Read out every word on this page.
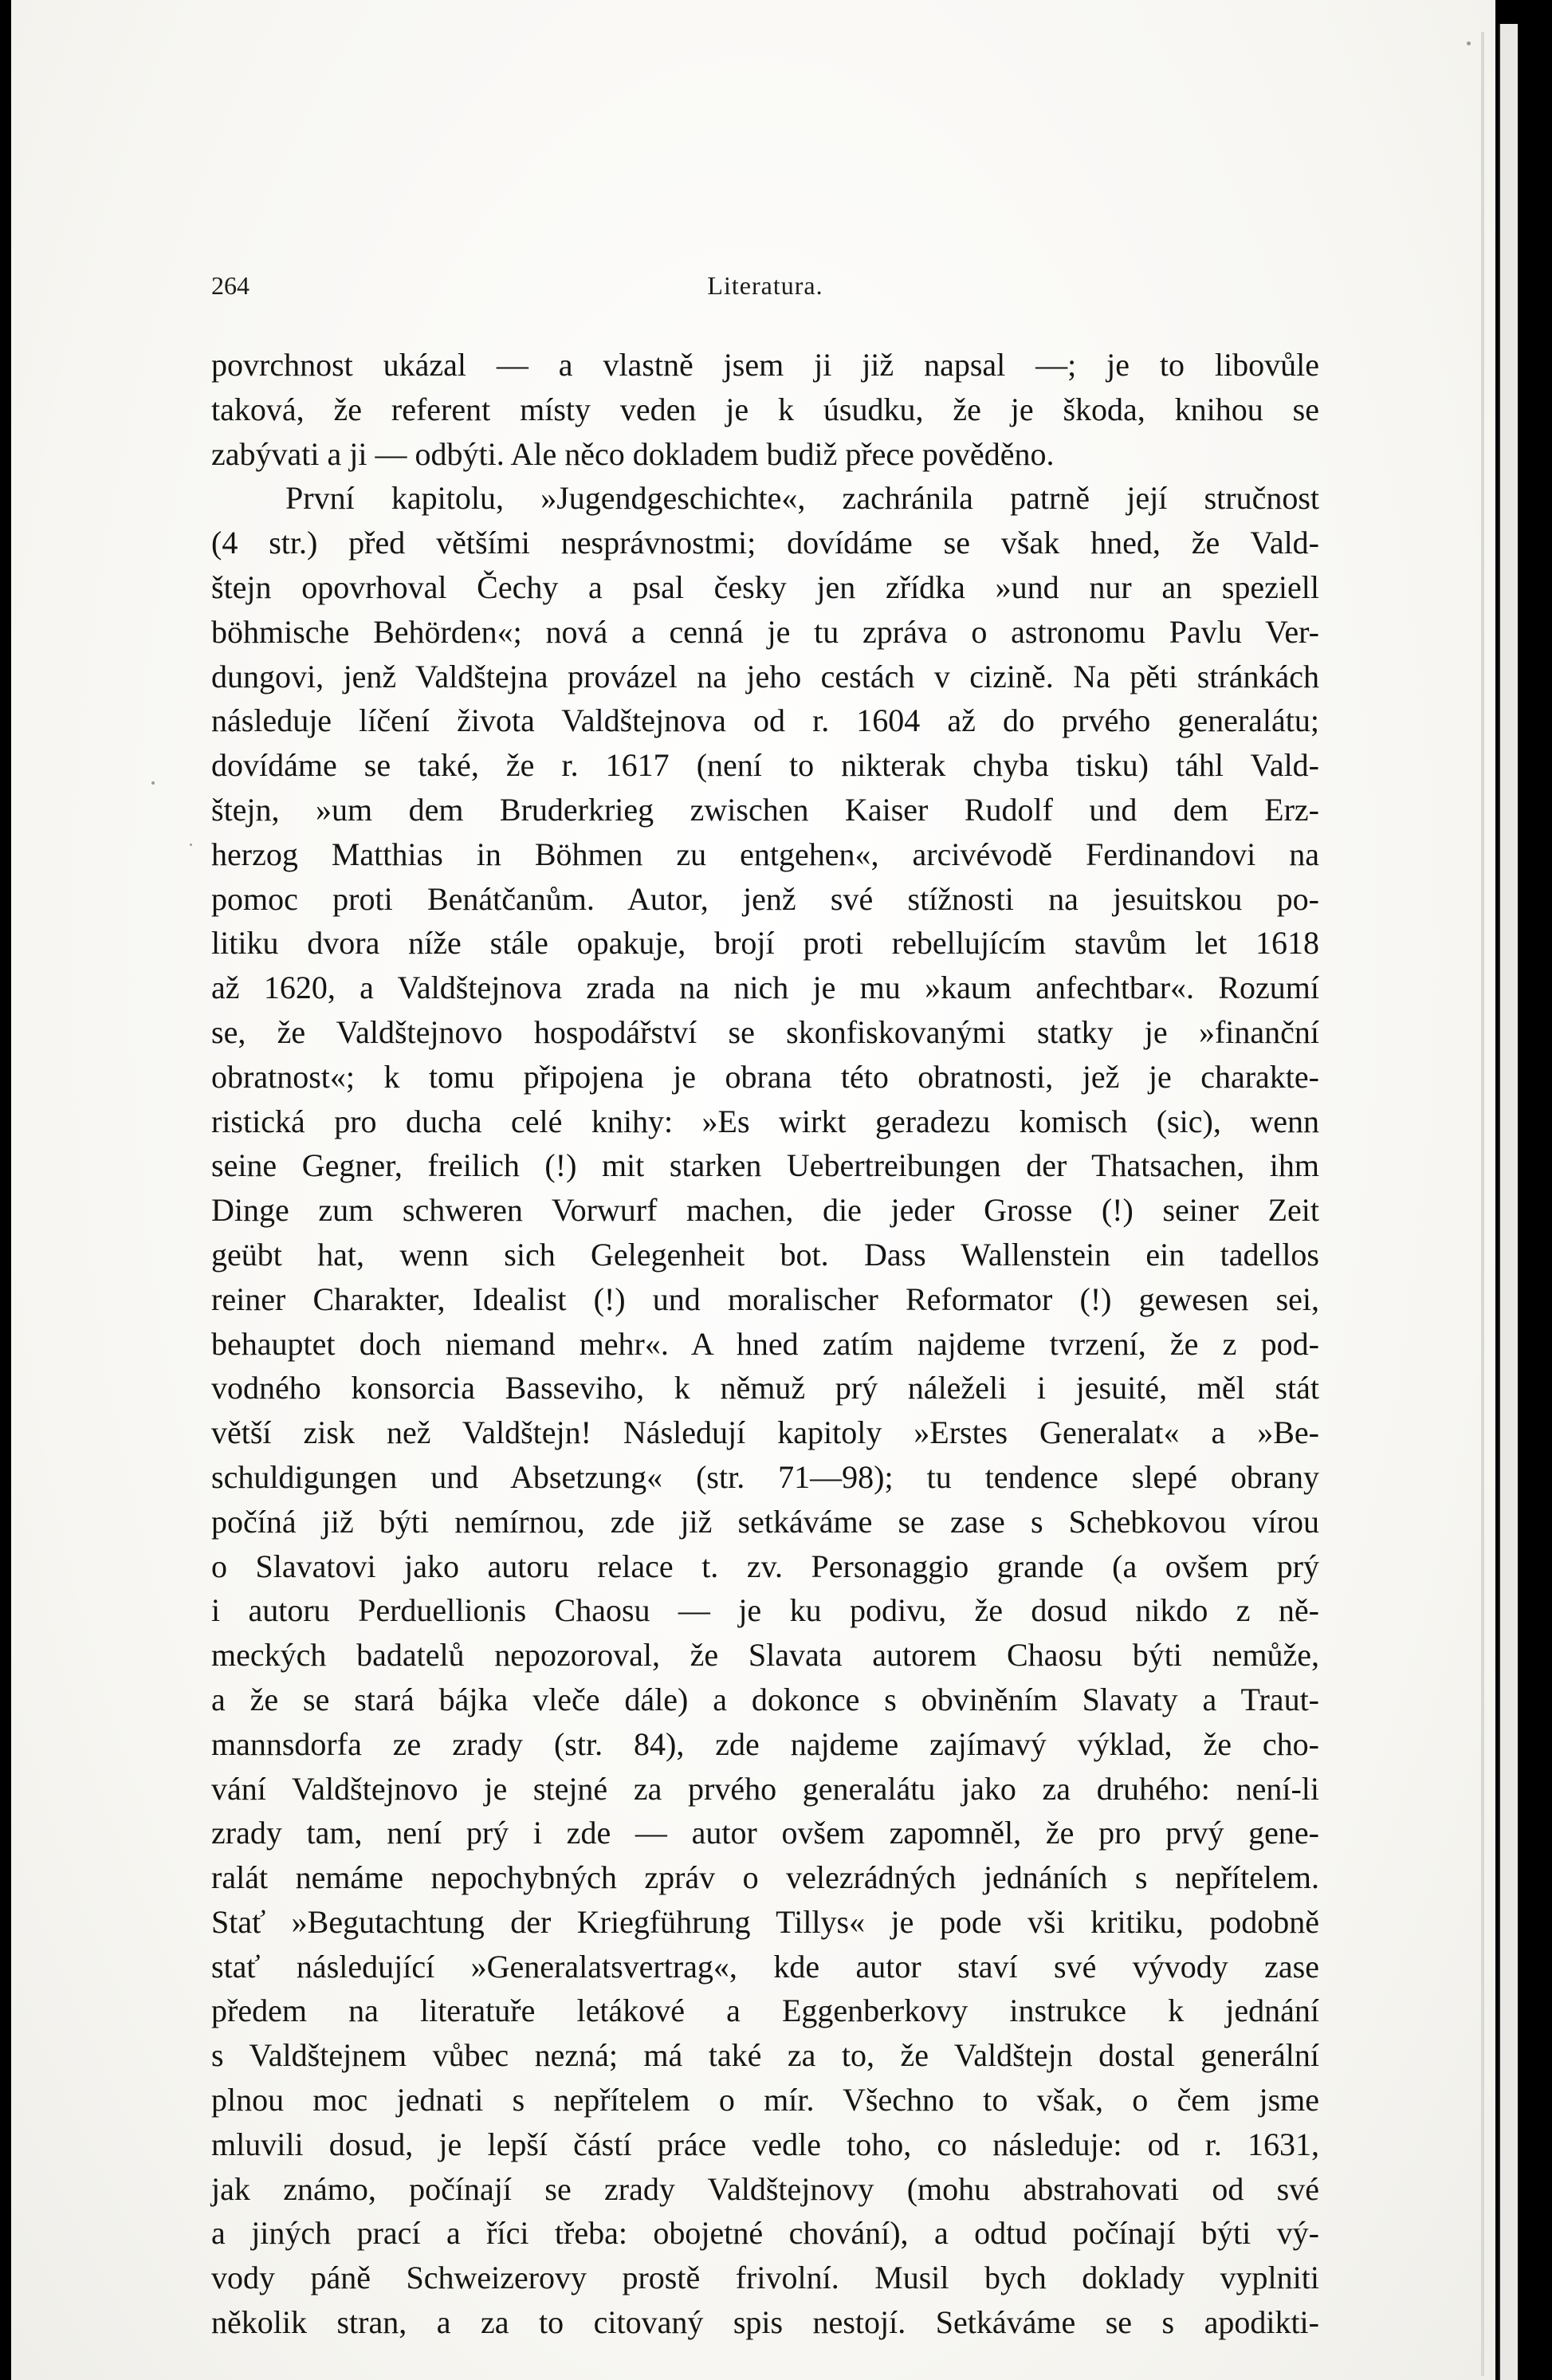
264	Literatura.
povrchnost ukázal — a vlastně jsem ji již napsal —; je to libovůle
taková, že referent místy veden je k úsudku, že je škoda, knihou se
zabývati a ji — odbýti. Ale něco dokladem budiž přece pověděno.
První kapitolu, »Jugendgeschichte«, zachránila patrně její stručnost
(4 str.) před většími nesprávnostmi; dovídáme se však hned, že Vald-
štejn opovrhoval Čechy a psal česky jen zřídka »und nur an speziell
böhmische Behörden«; nová a cenná je tu zpráva o astronomu Pavlu Ver-
dungovi, jenž Valdštejna provázel na jeho cestách v cizině. Na pěti stránkách
následuje líčení života Valdštejnova od r. 1604 až do prvého generalátu;
dovídáme se také, že r. 1617 (není to nikterak chyba tisku) táhl Vald-
štejn, »um dem Bruderkrieg zwischen Kaiser Rudolf und dem Erz-
herzog Matthias in Böhmen zu entgehen«, arcivévodě Ferdinandovi na
pomoc proti Benátčanům. Autor, jenž své stížnosti na jesuitskou po-
litiku dvora níže stále opakuje, brojí proti rebellujícím stavům let 1618
až 1620, a Valdštejnova zrada na nich je mu »kaum anfechtbar«. Rozumí
se, že Valdštejnovo hospodářství se skonfiskovanými statky je »finanční
obratnost«; k tomu připojena je obrana této obratnosti, jež je charakte-
ristická pro ducha celé knihy: »Es wirkt geradezu komisch (sic), wenn
seine Gegner, freilich (!) mit starken Uebertreibungen der Thatsachen, ihm
Dinge zum schweren Vorwurf machen, die jeder Grosse (!) seiner Zeit
geübt hat, wenn sich Gelegenheit bot. Dass Wallenstein ein tadellos
reiner Charakter, Idealist (!) und moralischer Reformator (!) gewesen sei,
behauptet doch niemand mehr«. A hned zatím najdeme tvrzení, že z pod-
vodného konsorcia Basseviho, k němuž prý náleželi i jesuité, měl stát
větší zisk než Valdštejn! Následují kapitoly »Erstes Generalat« a »Be-
schuldigungen und Absetzung« (str. 71—98); tu tendence slepé obrany
počíná již býti nemírnou, zde již setkáváme se zase s Schebkovou vírou
o Slavatovi jako autoru relace t. zv. Personaggio grande (a ovšem prý
i autoru Perduellionis Chaosu — je ku podivu, že dosud nikdo z ně-
meckých badatelů nepozoroval, že Slavata autorem Chaosu býti nemůže,
a že se stará bájka vleče dále) a dokonce s obviněním Slavaty a Traut-
mannsdorfa ze zrady (str. 84), zde najdeme zajímavý výklad, že cho-
vání Valdštejnovo je stejné za prvého generalátu jako za druhého: není-li
zrady tam, není prý i zde — autor ovšem zapomněl, že pro prvý gene-
ralát nemáme nepochybných zpráv o velezrádných jednáních s nepřítelem.
Stať »Begutachtung der Kriegführung Tillys« je pode vši kritiku, podobně
stať následující »Generalatsvertrag«, kde autor staví své vývody zase
předem na literatuře letákové a Eggenberkovy instrukce k jednání
s Valdštejnem vůbec nezná; má také za to, že Valdštejn dostal generální
plnou moc jednati s nepřítelem o mír. Všechno to však, o čem jsme
mluvili dosud, je lepší částí práce vedle toho, co následuje: od r. 1631,
jak známo, počínají se zrady Valdštejnovy (mohu abstrahovati od své
a jiných prací a říci třeba: obojetné chování), a odtud počínají býti vý-
vody páně Schweizerovy prostě frivolní. Musil bych doklady vyplniti
několik stran, a za to citovaný spis nestojí. Setkáváme se s apodikti-
